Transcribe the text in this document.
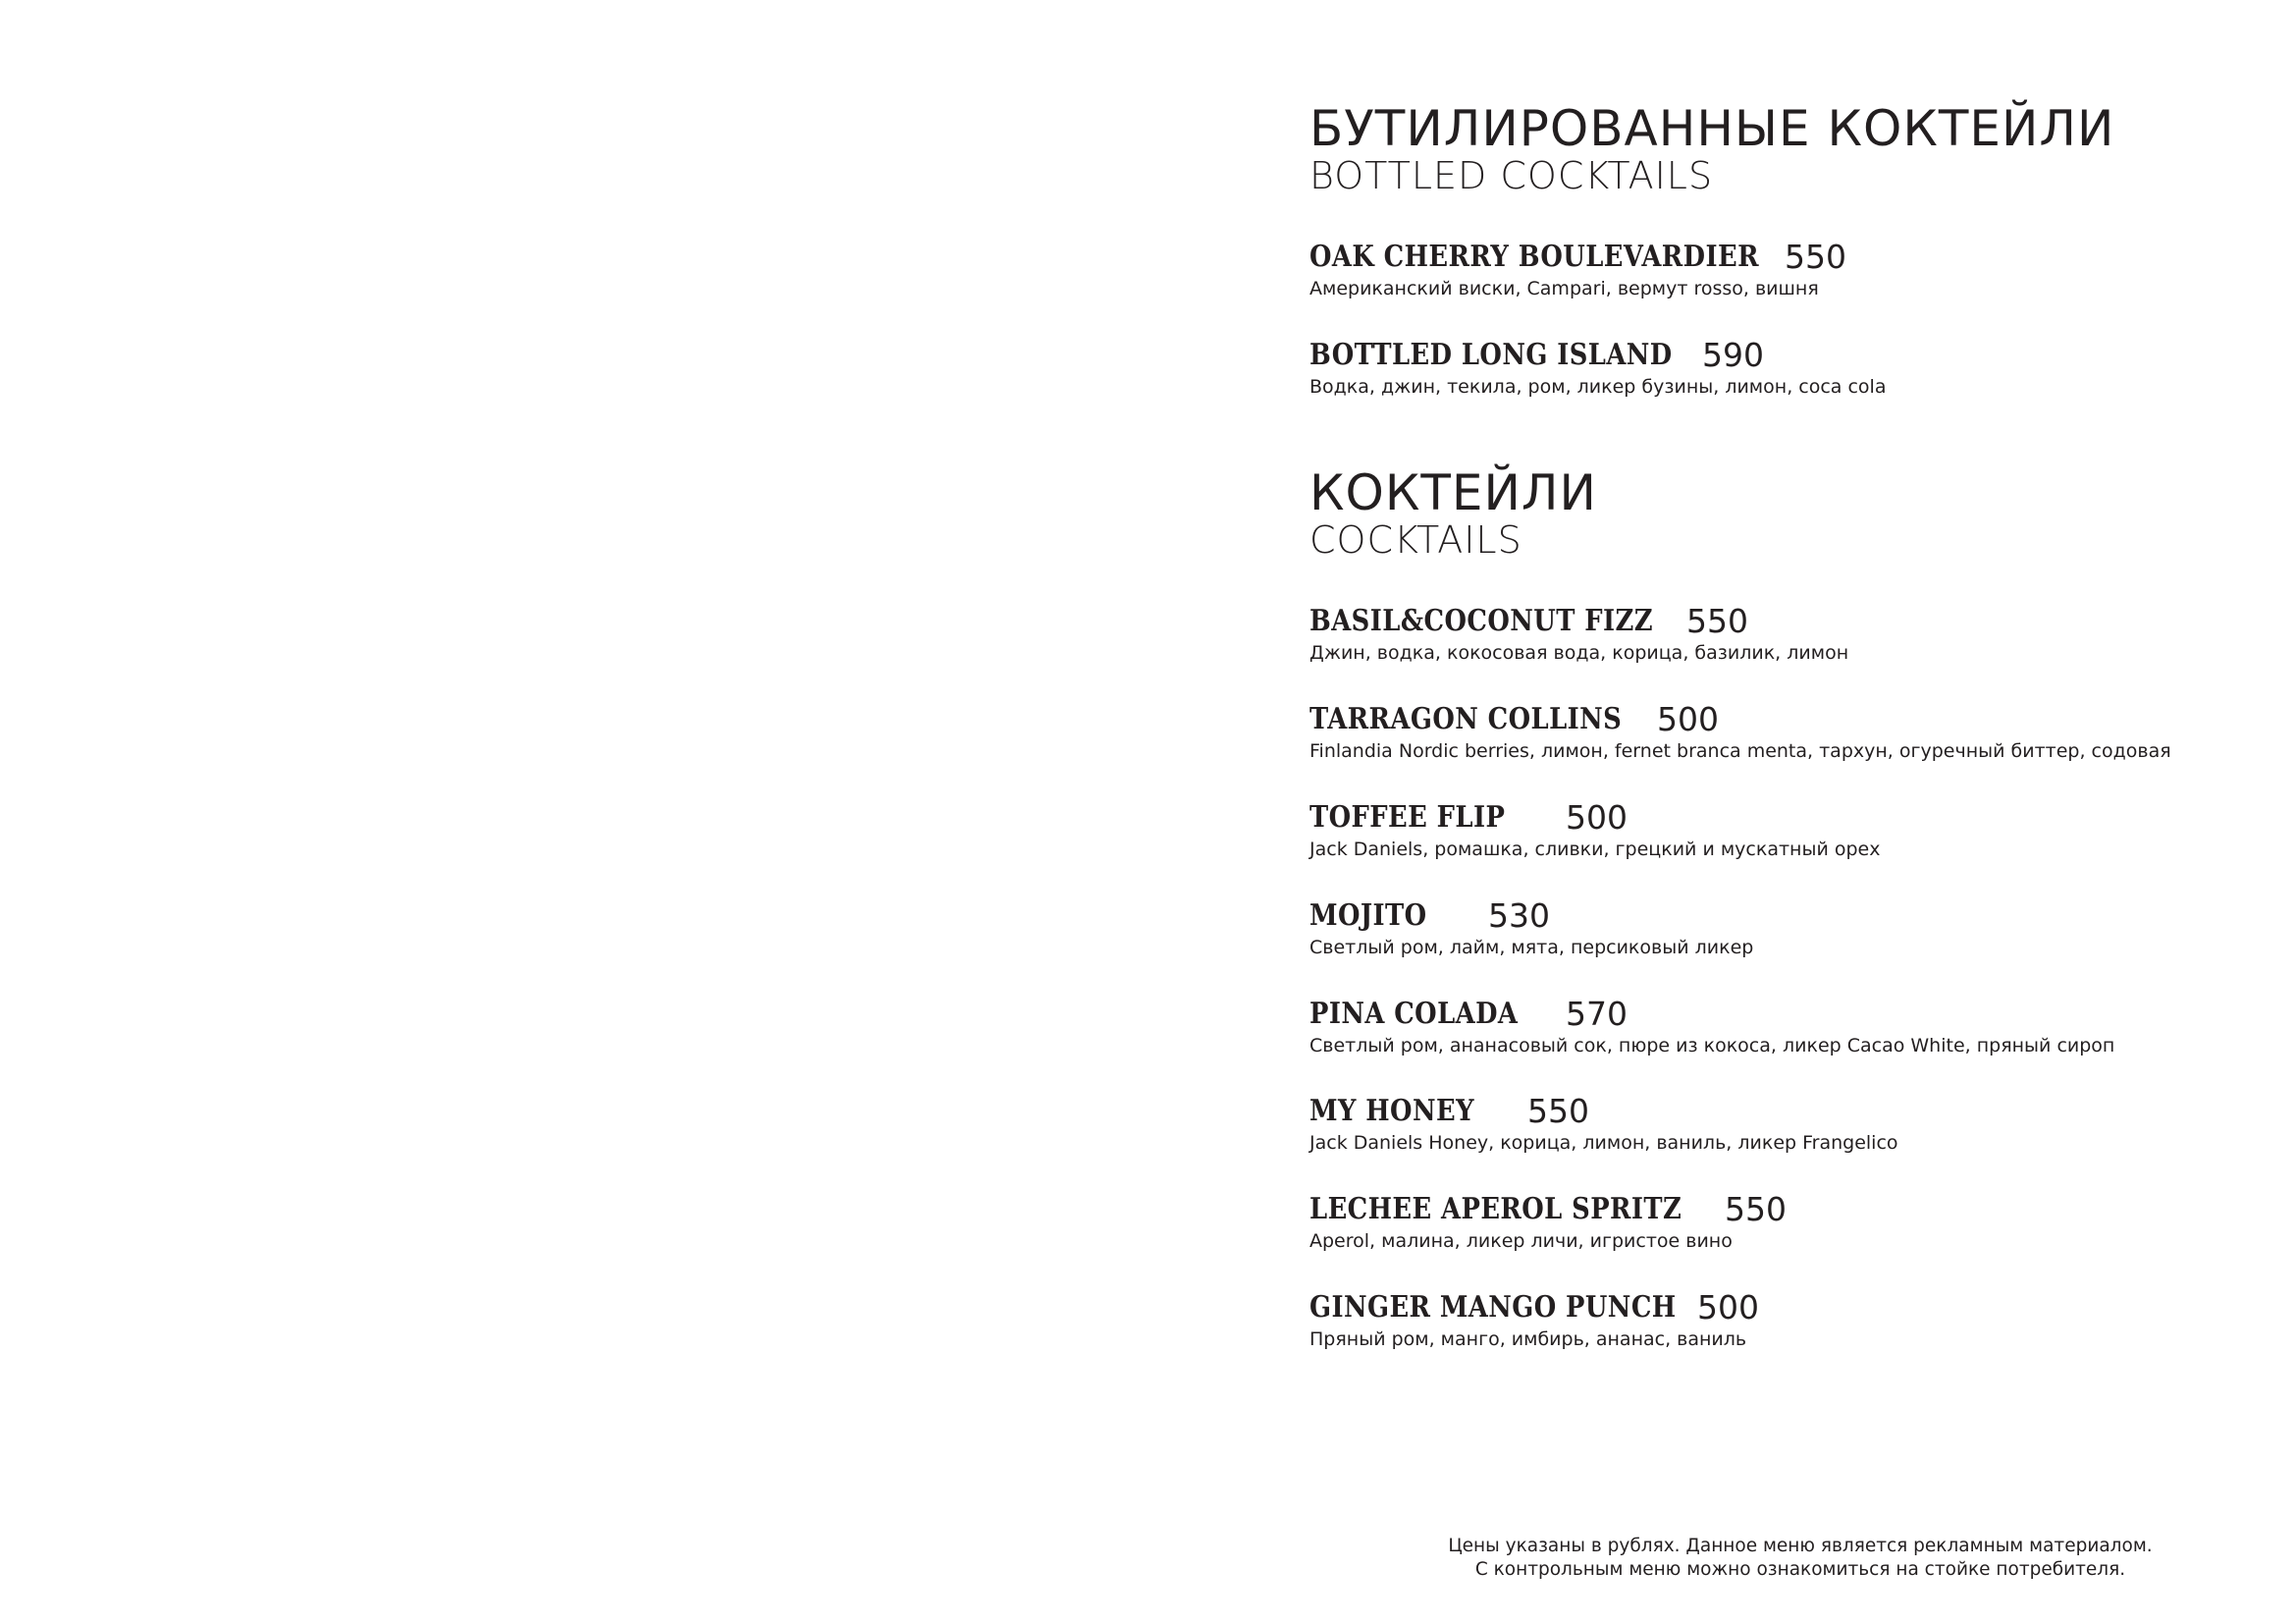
БУТИЛИРОВАННЫЕ КОКТЕЙЛИ
BOTTLED COCKTAILS
OAK CHERRY BOULEVARDIER 550
Американский виски, Campari, вермут rosso, вишня
BOTTLED LONG ISLAND 590
Водка, джин, текила, ром, ликер бузины, лимон, coca cola
КОКТЕЙЛИ
COCKTAILS
BASIL&COCONUT FIZZ 550
Джин, водка, кокосовая вода, корица, базилик, лимон
TARRAGON COLLINS 500
Finlandia Nordic berries, лимон, fernet branca menta, тархун, огуречный биттер, содовая
TOFFEE FLIP 500
Jack Daniels, ромашка, сливки, грецкий и мускатный орех
MOJITO 530
Светлый ром, лайм, мята, персиковый ликер
PINA COLADA 570
Светлый ром, ананасовый сок, пюре из кокоса, ликер Cacao White, пряный сироп
MY HONEY 550
Jack Daniels Honey, корица, лимон, ваниль, ликер Frangelico
LECHEE APEROL SPRITZ 550
Aperol, малина, ликер личи, игристое вино
GINGER MANGO PUNCH 500
Пряный ром, манго, имбирь, ананас, ваниль
Цены указаны в рублях. Данное меню является рекламным материалом.
С контрольным меню можно ознакомиться на стойке потребителя.
